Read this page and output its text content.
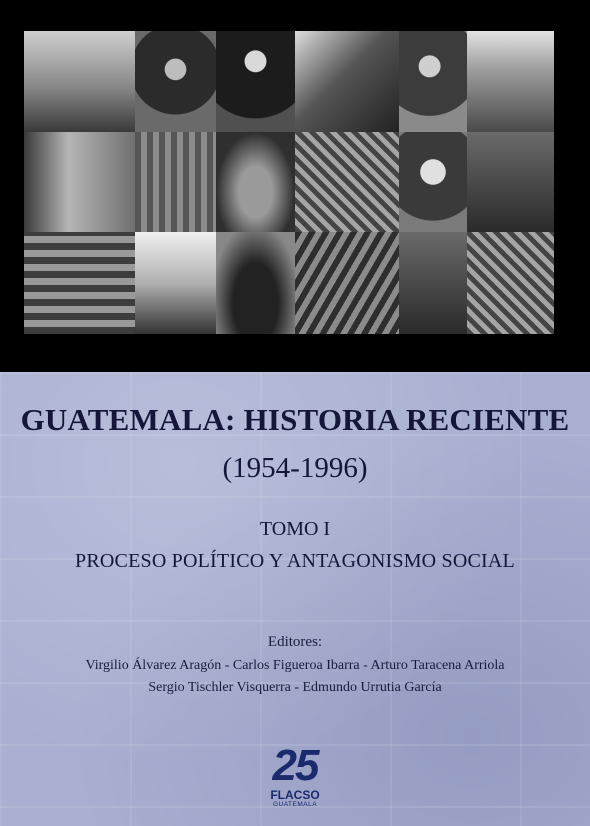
GUATEMALA: HISTORIA RECIENTE
(1954-1996)
TOMO I
PROCESO POLÍTICO Y ANTAGONISMO SOCIAL
Editores:
Virgilio Álvarez Aragón - Carlos Figueroa Ibarra - Arturo Taracena Arriola
Sergio Tischler Visquerra - Edmundo Urrutia García
25
FLACSO
GUATEMALA
